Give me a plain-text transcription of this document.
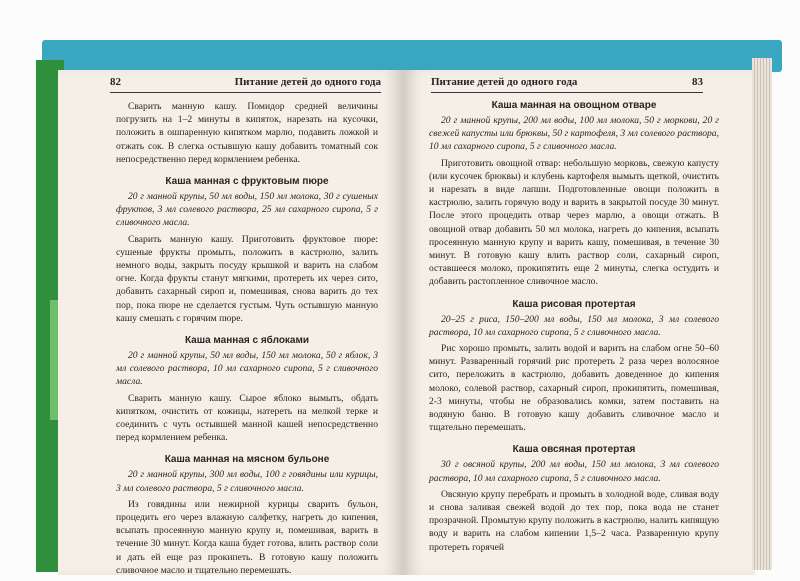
82	Питание детей до одного года

Сварить манную кашу. Помидор средней величины погрузить на 1–2 минуты в кипяток, нарезать на кусочки, положить в ошпаренную кипятком марлю, подавить ложкой и отжать сок. В слегка остывшую кашу добавить томатный сок непосредственно перед кормлением ребенка.

Каша манная с фруктовым пюре

20 г манной крупы, 50 мл воды, 150 мл молока, 30 г сушеных фруктов, 3 мл солевого раствора, 25 мл сахарного сиропа, 5 г сливочного масла.

Сварить манную кашу. Приготовить фруктовое пюре: сушеные фрукты промыть, положить в кастрюлю, залить немного воды, закрыть посуду крышкой и варить на слабом огне. Когда фрукты станут мягкими, протереть их через сито, добавить сахарный сироп и, помешивая, снова варить до тех пор, пока пюре не сделается густым. Чуть остывшую манную кашу смешать с горячим пюре.

Каша манная с яблоками

20 г манной крупы, 50 мл воды, 150 мл молока, 50 г яблок, 3 мл солевого раствора, 10 мл сахарного сиропа, 5 г сливочного масла.

Сварить манную кашу. Сырое яблоко вымыть, обдать кипятком, очистить от кожицы, натереть на мелкой терке и соединить с чуть остывшей манной кашей непосредственно перед кормлением ребенка.

Каша манная на мясном бульоне

20 г манной крупы, 300 мл воды, 100 г говядины или курицы, 3 мл солевого раствора, 5 г сливочного масла.

Из говядины или нежирной курицы сварить бульон, процедить его через влажную салфетку, нагреть до кипения, всыпать просеянную манную крупу и, помешивая, варить в течение 30 минут. Когда каша будет готова, влить раствор соли и дать ей еще раз прокипеть. В готовую кашу положить сливочное масло и тщательно перемешать.

Питание детей до одного года	83
Каша манная на овощном отваре

20 г манной крупы, 200 мл воды, 100 мл молока, 50 г моркови, 20 г свежей капусты или брюквы, 50 г картофеля, 3 мл солевого раствора, 10 мл сахарного сиропа, 5 г сливочного масла.

Приготовить овощной отвар: небольшую морковь, свежую капусту (или кусочек брюквы) и клубень картофеля вымыть щеткой, очистить и нарезать в виде лапши. Подготовленные овощи положить в кастрюлю, залить горячую воду и варить в закрытой посуде 30 минут. После этого процедить отвар через марлю, а овощи отжать. В овощной отвар добавить 50 мл молока, нагреть до кипения, всыпать просеянную манную крупу и варить кашу, помешивая, в течение 30 минут. В готовую кашу влить раствор соли, сахарный сироп, оставшееся молоко, прокипятить еще 2 минуты, слегка остудить и добавить растопленное сливочное масло.

Каша рисовая протертая

20–25 г риса, 150–200 мл воды, 150 мл молока, 3 мл солевого раствора, 10 мл сахарного сиропа, 5 г сливочного масла.

Рис хорошо промыть, залить водой и варить на слабом огне 50–60 минут. Разваренный горячий рис протереть 2 раза через волосяное сито, переложить в кастрюлю, добавить доведенное до кипения молоко, солевой раствор, сахарный сироп, прокипятить, помешивая, 2-3 минуты, чтобы не образовались комки, затем поставить на водяную баню. В готовую кашу добавить сливочное масло и тщательно перемешать.

Каша овсяная протертая

30 г овсяной крупы, 200 мл воды, 150 мл молока, 3 мл солевого раствора, 10 мл сахарного сиропа, 5 г сливочного масла.

Овсяную крупу перебрать и промыть в холодной воде, сливая воду и снова заливая свежей водой до тех пор, пока вода не станет прозрачной. Промытую крупу положить в кастрюлю, налить кипящую воду и варить на слабом кипении 1,5–2 часа. Разваренную крупу протереть горячей
